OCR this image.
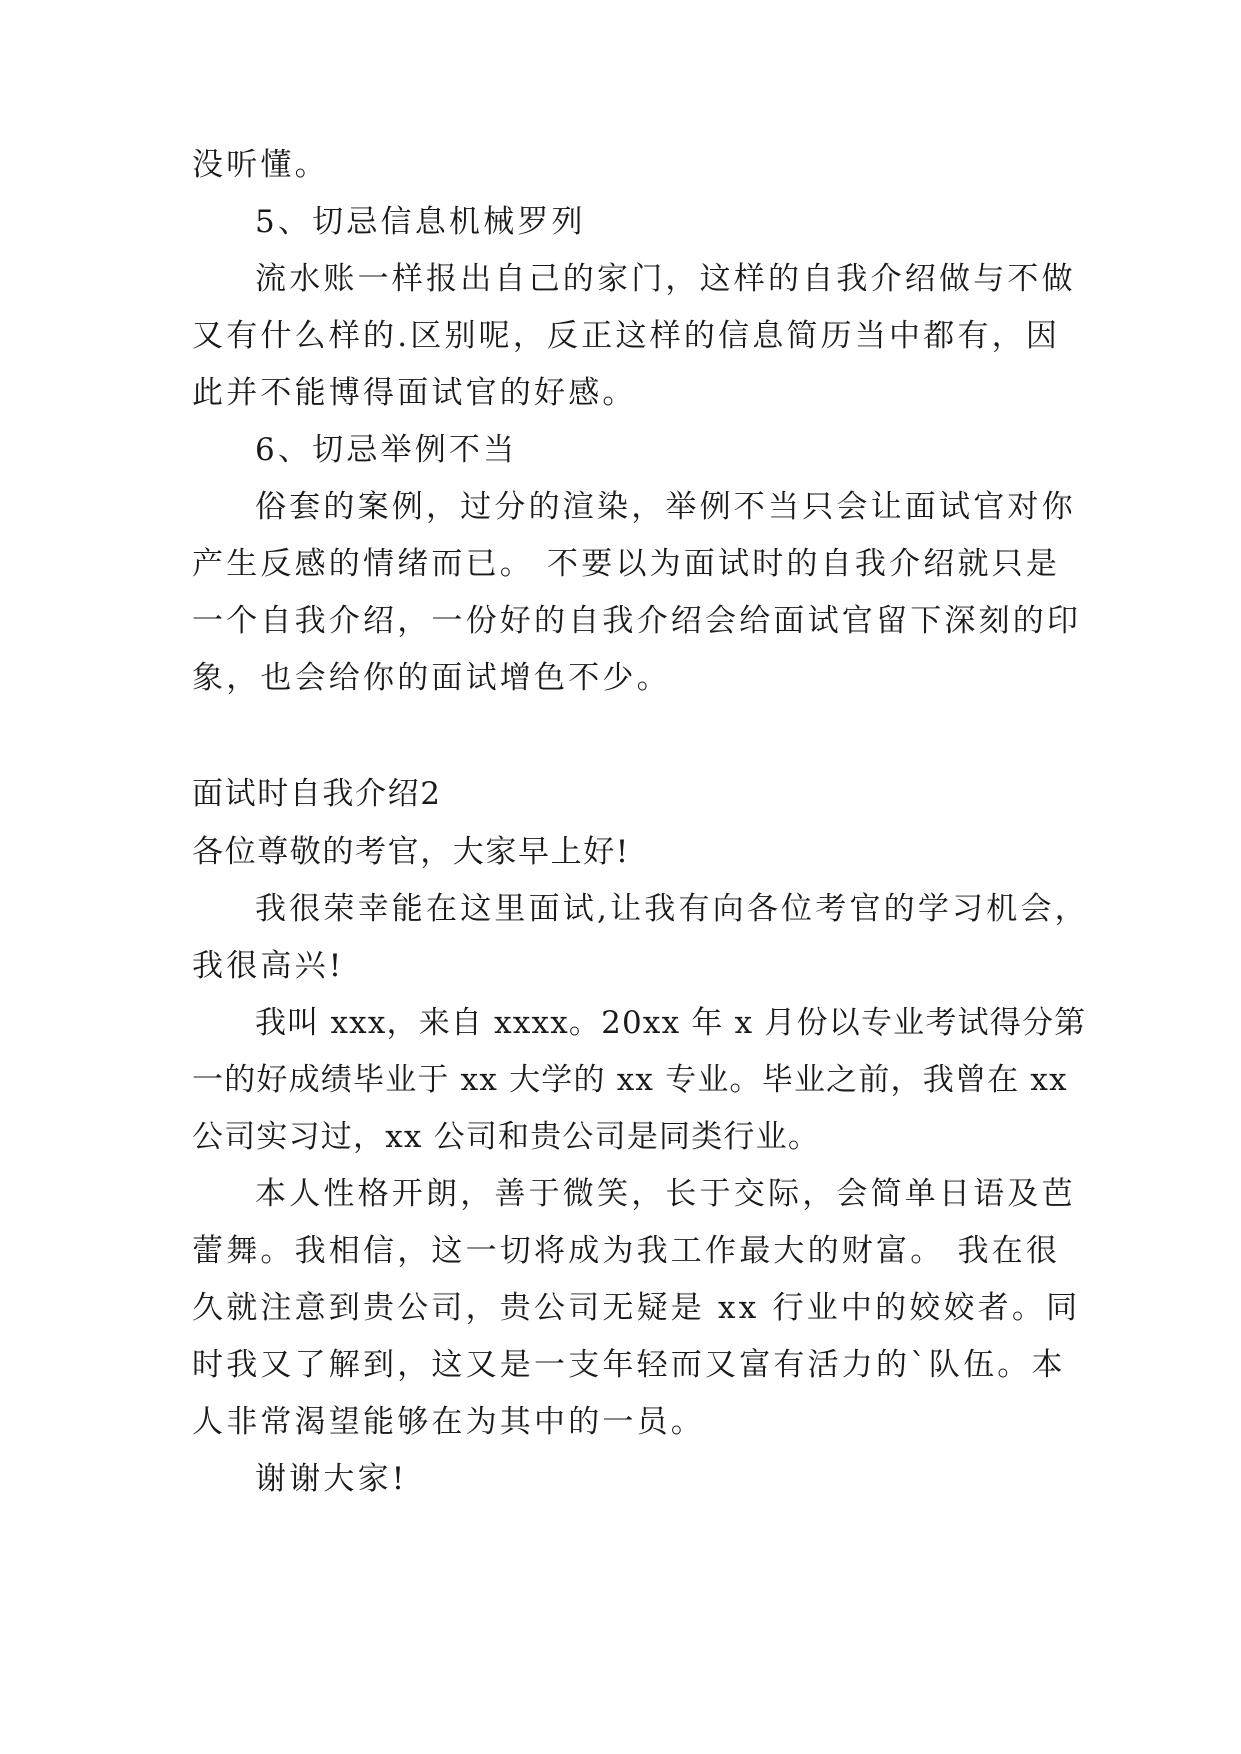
没听懂。
5、切忌信息机械罗列
流水账一样报出自己的家门，这样的自我介绍做与不做
又有什么样的.区别呢，反正这样的信息简历当中都有，因
此并不能博得面试官的好感。
6、切忌举例不当
俗套的案例，过分的渲染，举例不当只会让面试官对你
产生反感的情绪而已。 不要以为面试时的自我介绍就只是
一个自我介绍，一份好的自我介绍会给面试官留下深刻的印
象，也会给你的面试增色不少。
面试时自我介绍2
各位尊敬的考官，大家早上好!
我很荣幸能在这里面试,让我有向各位考官的学习机会，
我很高兴!
我叫 xxx，来自 xxxx。20xx 年 x 月份以专业考试得分第
一的好成绩毕业于 xx 大学的 xx 专业。毕业之前，我曾在 xx
公司实习过，xx 公司和贵公司是同类行业。
本人性格开朗，善于微笑，长于交际，会简单日语及芭
蕾舞。我相信，这一切将成为我工作最大的财富。 我在很
久就注意到贵公司，贵公司无疑是 xx 行业中的姣姣者。同
时我又了解到，这又是一支年轻而又富有活力的`队伍。本
人非常渴望能够在为其中的一员。
谢谢大家!
